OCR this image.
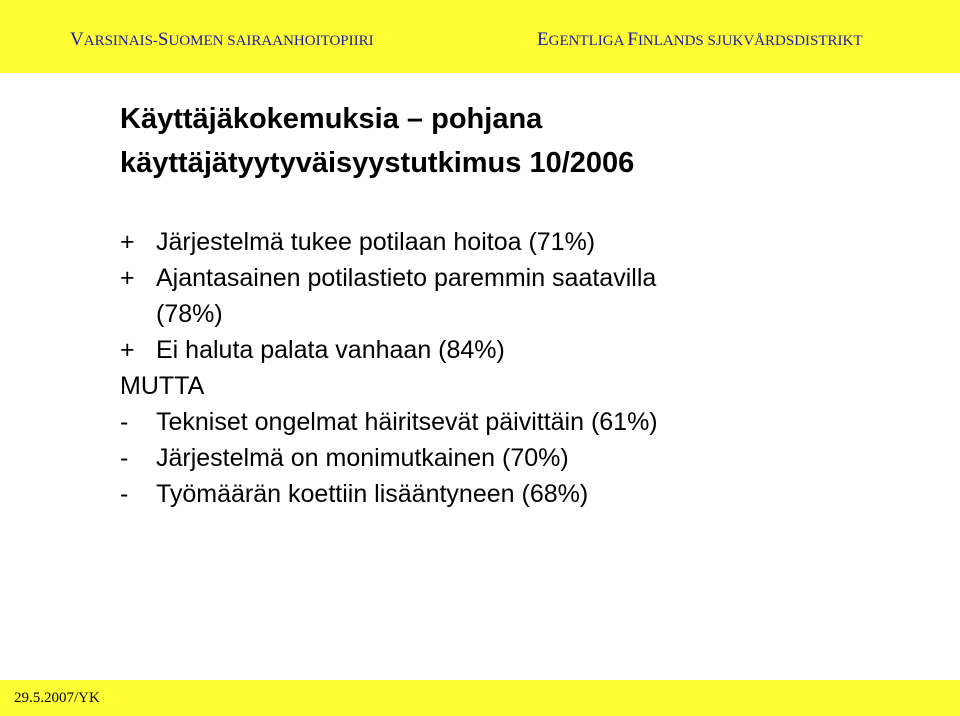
VARSINAIS-SUOMEN SAIRAANHOITOPIIRI	EGENTLIGA FINLANDS SJUKVÅRDSDISTRIKT
Käyttäjäkokemuksia – pohjana
käyttäjätyytyväisyystutkimus 10/2006
+ Järjestelmä tukee potilaan hoitoa (71%)
+ Ajantasainen potilastieto paremmin saatavilla
(78%)
+ Ei haluta palata vanhaan (84%)
MUTTA
-	Tekniset ongelmat häiritsevät päivittäin (61%)
-	Järjestelmä on monimutkainen (70%)
-	Työmäärän koettiin lisääntyneen (68%)
29.5.2007/YK
